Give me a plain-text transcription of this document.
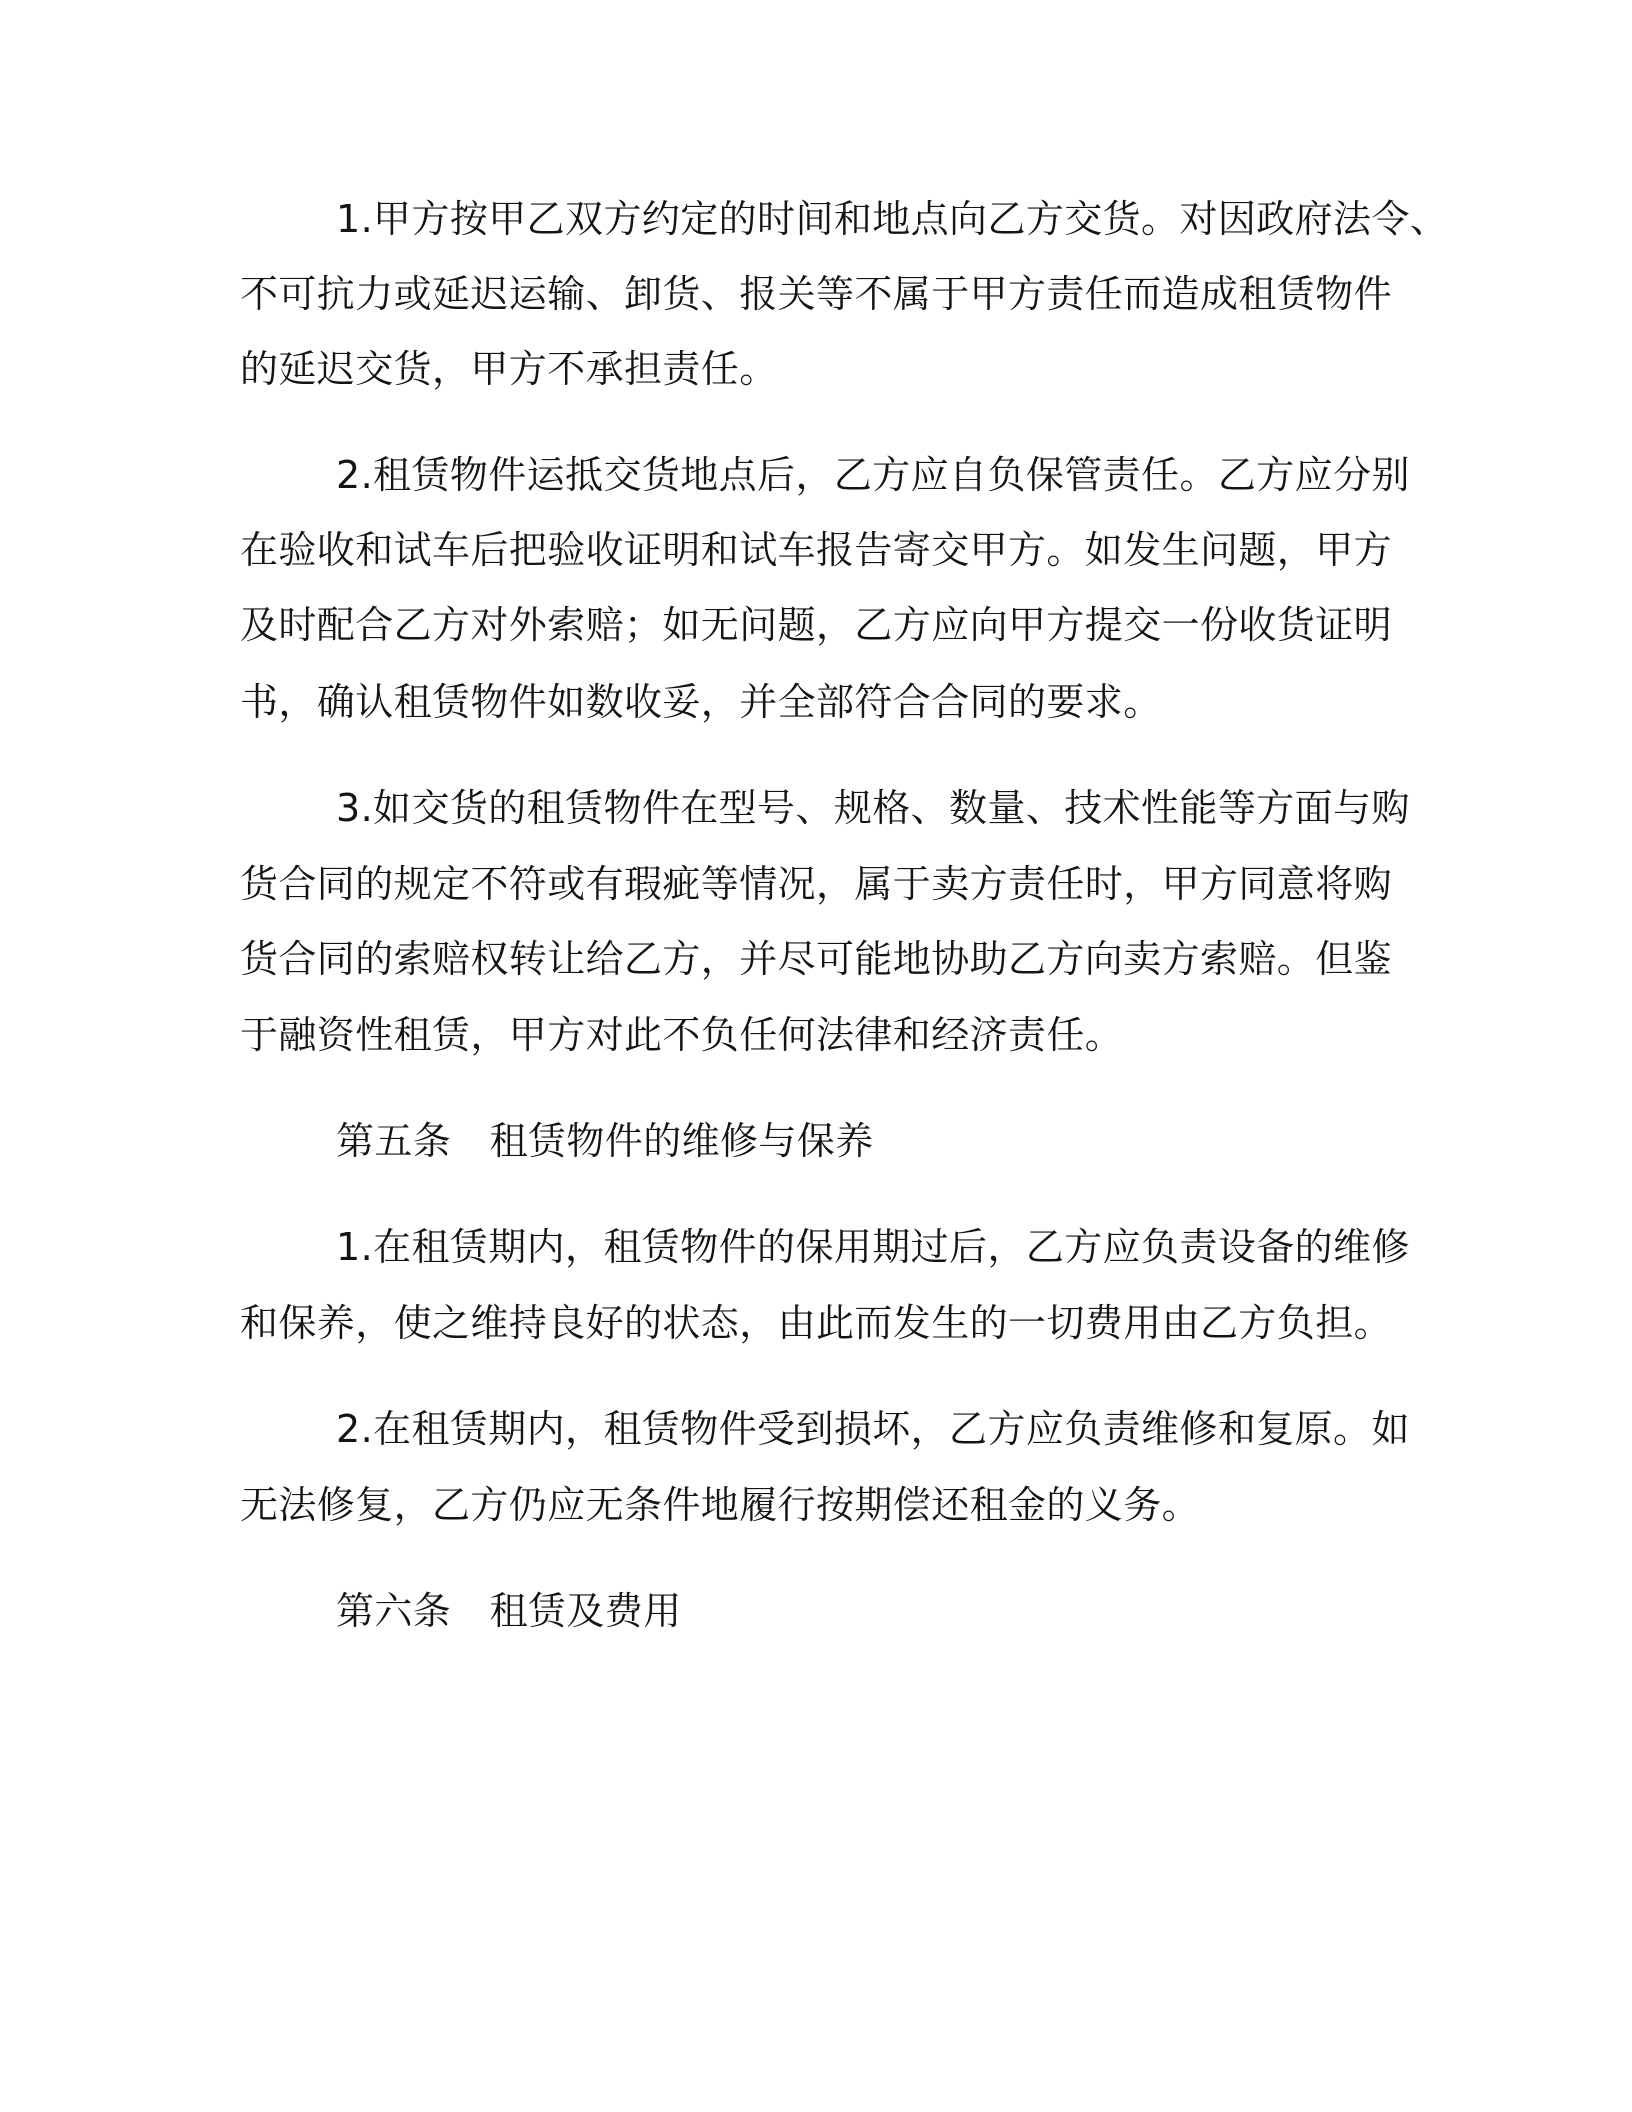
1.甲方按甲乙双方约定的时间和地点向乙方交货。对因政府法令、
不可抗力或延迟运输、卸货、报关等不属于甲方责任而造成租赁物件
的延迟交货，甲方不承担责任。
2.租赁物件运抵交货地点后，乙方应自负保管责任。乙方应分别
在验收和试车后把验收证明和试车报告寄交甲方。如发生问题，甲方
及时配合乙方对外索赔；如无问题，乙方应向甲方提交一份收货证明
书，确认租赁物件如数收妥，并全部符合合同的要求。
3.如交货的租赁物件在型号、规格、数量、技术性能等方面与购
货合同的规定不符或有瑕疵等情况，属于卖方责任时，甲方同意将购
货合同的索赔权转让给乙方，并尽可能地协助乙方向卖方索赔。但鉴
于融资性租赁，甲方对此不负任何法律和经济责任。
第五条　租赁物件的维修与保养
1.在租赁期内，租赁物件的保用期过后，乙方应负责设备的维修
和保养，使之维持良好的状态，由此而发生的一切费用由乙方负担。
2.在租赁期内，租赁物件受到损坏，乙方应负责维修和复原。如
无法修复，乙方仍应无条件地履行按期偿还租金的义务。
第六条　租赁及费用
